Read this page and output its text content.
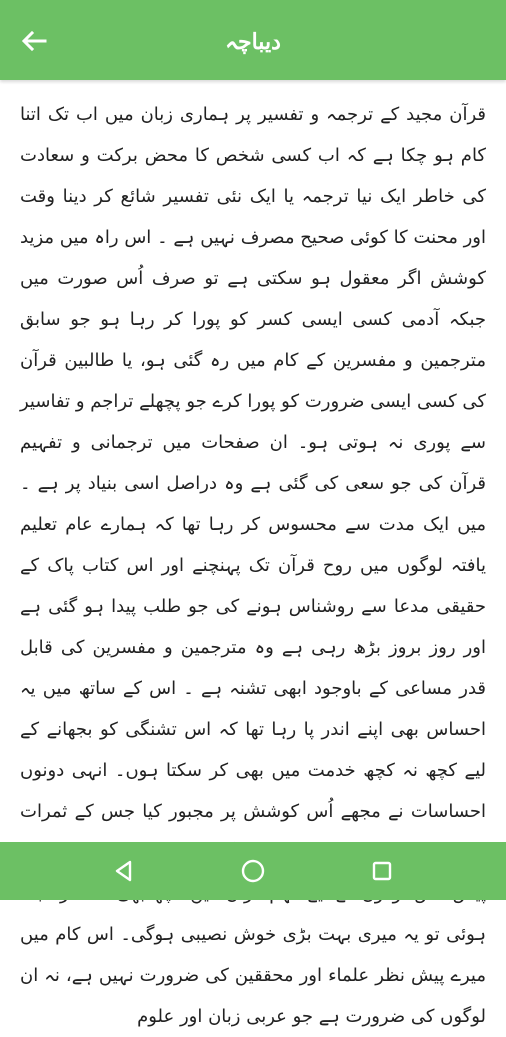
دیباچہ

قرآن مجید کے ترجمہ و تفسیر پر ہماری زبان میں اب تک اتنا کام ہو چکا ہے کہ اب کسی شخص کا محض برکت و سعادت کی خاطر ایک نیا ترجمہ یا ایک نئی تفسیر شائع کر دینا وقت اور محنت کا کوئی صحیح مصرف نہیں ہے ۔ اس راہ میں مزید کوشش اگر معقول ہو سکتی ہے تو صرف اُس صورت میں جبکہ آدمی کسی ایسی کسر کو پورا کر رہا ہو جو سابق مترجمین و مفسرین کے کام میں رہ گئی ہو، یا طالبین قرآن کی کسی ایسی ضرورت کو پورا کرے جو پچھلے تراجم و تفاسیر سے پوری نہ ہوتی ہو۔ ان صفحات میں ترجمانی و تفہیم قرآن کی جو سعی کی گئی ہے وہ دراصل اسی بنیاد پر ہے ۔ میں ایک مدت سے محسوس کر رہا تھا کہ ہمارے عام تعلیم یافتہ لوگوں میں روح قرآن تک پہنچنے اور اس کتاب پاک کے حقیقی مدعا سے روشناس ہونے کی جو طلب پیدا ہو گئی ہے اور روز بروز بڑھ رہی ہے وہ مترجمین و مفسرین کی قابل قدر مساعی کے باوجود ابھی تشنہ ہے ۔ اس کے ساتھ میں یہ احساس بھی اپنے اندر پا رہا تھا کہ اس تشنگی کو بجھانے کے لیے کچھ نہ کچھ خدمت میں بھی کر سکتا ہوں۔ انہی دونوں احساسات نے مجھے اُس کوشش پر مجبور کیا جس کے ثمرات ہوئی تو یہ میری بہت بڑی خوش نصیبی ہوگی۔ اس کام میں میرے پیش نظر علماء اور محققین کی ضرورت نہیں ہے، نہ ان لوگوں کی ضرورت ہے جو عربی زبان اور علوم
